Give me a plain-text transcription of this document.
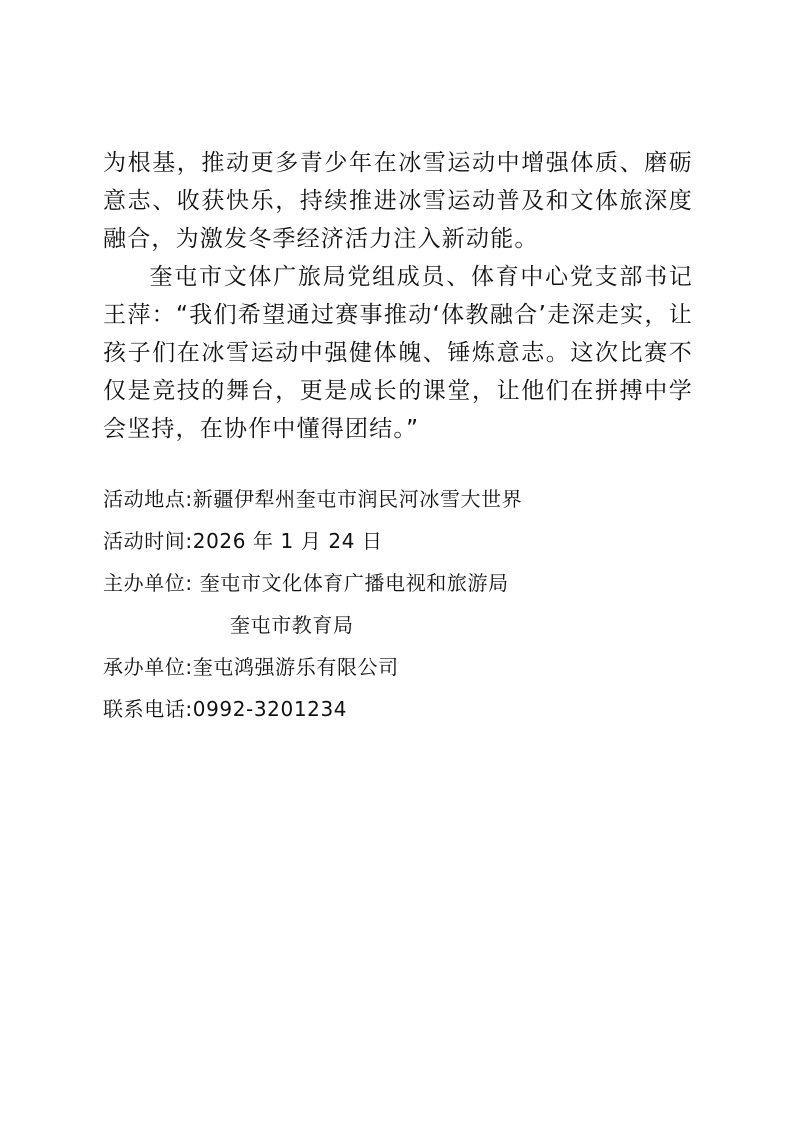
为根基，推动更多青少年在冰雪运动中增强体质、磨砺意志、收获快乐，持续推进冰雪运动普及和文体旅深度融合，为激发冬季经济活力注入新动能。

奎屯市文体广旅局党组成员、体育中心党支部书记王萍：“我们希望通过赛事推动‘体教融合’走深走实，让孩子们在冰雪运动中强健体魄、锤炼意志。这次比赛不仅是竞技的舞台，更是成长的课堂，让他们在拼搏中学会坚持，在协作中懂得团结。”

活动地点:新疆伊犁州奎屯市润民河冰雪大世界
活动时间:2026 年 1 月 24 日
主办单位: 奎屯市文化体育广播电视和旅游局
奎屯市教育局
承办单位:奎屯鸿强游乐有限公司
联系电话:0992-3201234
